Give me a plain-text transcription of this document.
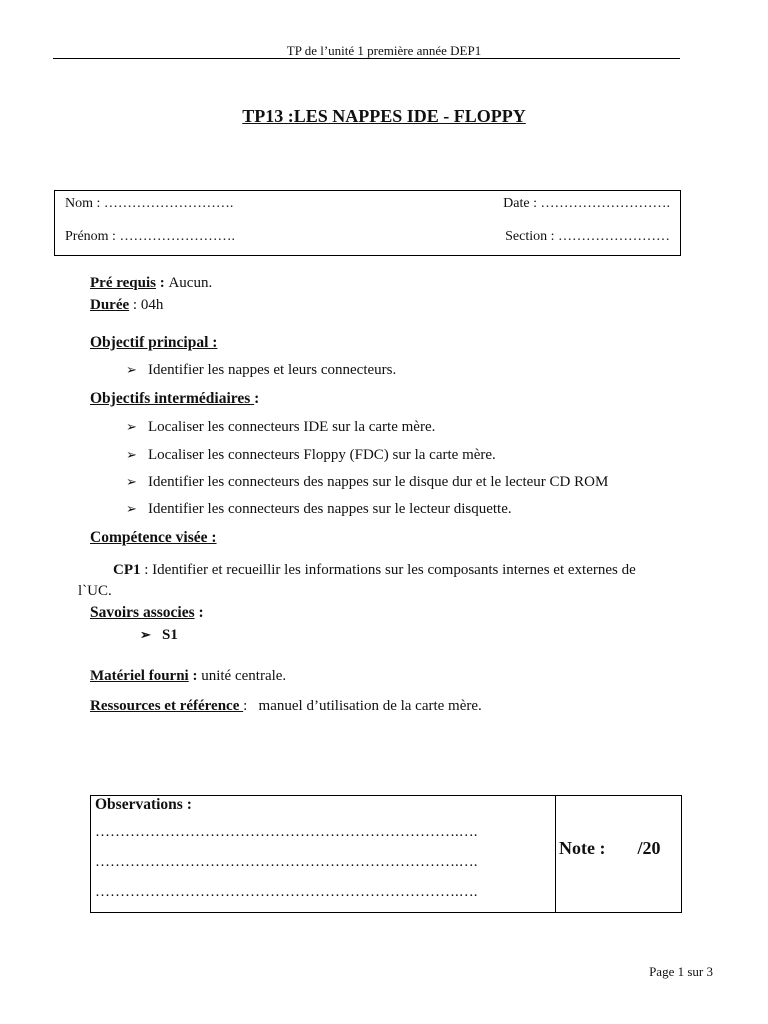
TP de l’unité 1 première année DEP1
TP13 :LES NAPPES IDE - FLOPPY
Nom : ……………………….	Date : ……………………….
Prénom : …………………….	Section : ……………………
Pré requis : Aucun.
Durée : 04h
Objectif principal :
➢ Identifier les nappes et leurs connecteurs.
Objectifs intermédiaires :
➢ Localiser les connecteurs IDE sur la carte mère.
➢ Localiser les connecteurs Floppy (FDC) sur la carte mère.
➢ Identifier les connecteurs des nappes sur le disque dur et le lecteur CD ROM
➢ Identifier les connecteurs des nappes sur le lecteur disquette.
Compétence visée :
CP1 : Identifier et recueillir les informations sur les composants internes et externes de
l`UC.
Savoirs associes :
➢ S1
Matériel fourni : unité centrale.
Ressources et référence :   manuel d’utilisation de la carte mère.
Observations :
……………………………………………………………….….
……………………………………………………………….….
……………………………………………………………….….
Note : /20
Page 1 sur 3
